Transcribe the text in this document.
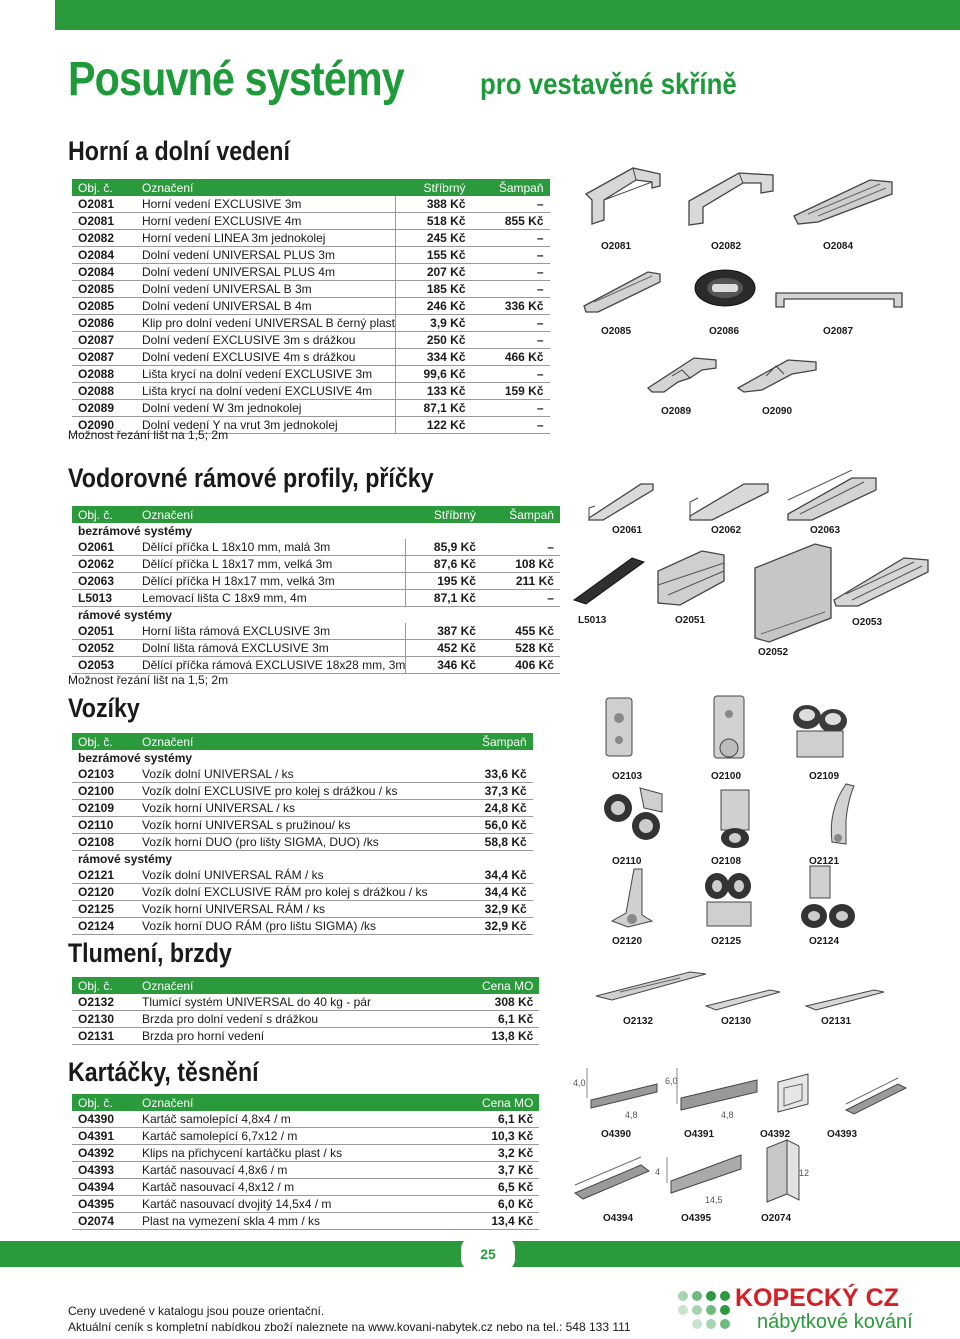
Posuvné systémy	pro vestavěné skříně
Horní a dolní vedení
Obj. č.	Označení	Stříbrný	Šampaň
O2081	Horní vedení EXCLUSIVE 3m	388 Kč	–
O2081	Horní vedení EXCLUSIVE 4m	518 Kč	855 Kč
O2082	Horní vedení LINEA 3m jednokolej	245 Kč	–
O2084	Dolní vedení UNIVERSAL PLUS 3m	155 Kč	–
O2084	Dolní vedení UNIVERSAL PLUS 4m	207 Kč	–
O2085	Dolní vedení UNIVERSAL B 3m	185 Kč	–
O2085	Dolní vedení UNIVERSAL B 4m	246 Kč	336 Kč
O2086	Klip pro dolní vedení UNIVERSAL B černý plast	3,9 Kč	–
O2087	Dolní vedení EXCLUSIVE 3m s drážkou	250 Kč	–
O2087	Dolní vedení EXCLUSIVE 4m s drážkou	334 Kč	466 Kč
O2088	Lišta krycí na dolní vedení EXCLUSIVE 3m	99,6 Kč	–
O2088	Lišta krycí na dolní vedení EXCLUSIVE 4m	133 Kč	159 Kč
O2089	Dolní vedení W 3m jednokolej	87,1 Kč	–
O2090	Dolní vedení Y na vrut 3m jednokolej	122 Kč	–
Možnost řezání lišt na 1,5; 2m
O2081	O2082	O2084
O2085	O2086	O2087
O2089	O2090
Vodorovné rámové profily, příčky
Obj. č.	Označení	Stříbrný	Šampaň
bezrámové systémy			
O2061	Dělící příčka L 18x10 mm, malá 3m	85,9 Kč	–
O2062	Dělící příčka L 18x17 mm, velká 3m	87,6 Kč	108 Kč
O2063	Dělící příčka H 18x17 mm, velká 3m	195 Kč	211 Kč
L5013	Lemovací lišta C 18x9 mm, 4m	87,1 Kč	–
rámové systémy			
O2051	Horní lišta rámová EXCLUSIVE 3m	387 Kč	455 Kč
O2052	Dolní lišta rámová EXCLUSIVE 3m	452 Kč	528 Kč
O2053	Dělící příčka rámová EXCLUSIVE 18x28 mm, 3m	346 Kč	406 Kč
Možnost řezání lišt na 1,5; 2m
O2061	O2062	O2063
L5013	O2051
O2052
O2053
Vozíky
Obj. č.	Označení	Šampaň
bezrámové systémy		
O2103	Vozík dolní UNIVERSAL / ks	33,6 Kč
O2100	Vozík dolní EXCLUSIVE pro kolej s drážkou / ks	37,3 Kč
O2109	Vozík horní UNIVERSAL / ks	24,8 Kč
O2110	Vozík horní UNIVERSAL s pružinou/ ks	56,0 Kč
O2108	Vozík horní DUO (pro lišty SIGMA, DUO) /ks	58,8 Kč
rámové systémy		
O2121	Vozík dolní UNIVERSAL RÁM / ks	34,4 Kč
O2120	Vozík dolní EXCLUSIVE RÁM pro kolej s drážkou / ks	34,4 Kč
O2125	Vozík horní UNIVERSAL RÁM / ks	32,9 Kč
O2124	Vozík horní DUO RÁM (pro lištu SIGMA) /ks	32,9 Kč
O2103	O2100	O2109
O2110	O2108	O2121
O2120	O2125	O2124
Tlumení, brzdy
Obj. č.	Označení	Cena MO
O2132	Tlumící systém UNIVERSAL do 40 kg - pár	308 Kč
O2130	Brzda pro dolní vedení s drážkou	6,1 Kč
O2131	Brzda pro horní vedení	13,8 Kč
O2132	O2130	O2131
Kartáčky, těsnění
Obj. č.	Označení	Cena MO
O4390	Kartáč samolepící 4,8x4 / m	6,1 Kč
O4391	Kartáč samolepící 6,7x12 / m	10,3 Kč
O4392	Klips na přichycení kartáčku plast / ks	3,2 Kč
O4393	Kartáč nasouvací 4,8x6 / m	3,7 Kč
O4394	Kartáč nasouvací 4,8x12 / m	6,5 Kč
O4395	Kartáč nasouvací dvojitý 14,5x4 / m	6,0 Kč
O2074	Plast na vymezení skla 4 mm / ks	13,4 Kč
4,0
4,8
6,0
4,8
4
14,5
12
O4390	O4391	O4392	O4393
O4394	O4395	O2074
25
Ceny uvedené v katalogu jsou pouze orientační.
Aktuální ceník s kompletní nabídkou zboží naleznete na www.kovani-nabytek.cz nebo na tel.: 548 133 111
KOPECKÝ CZ
nábytkové kování
